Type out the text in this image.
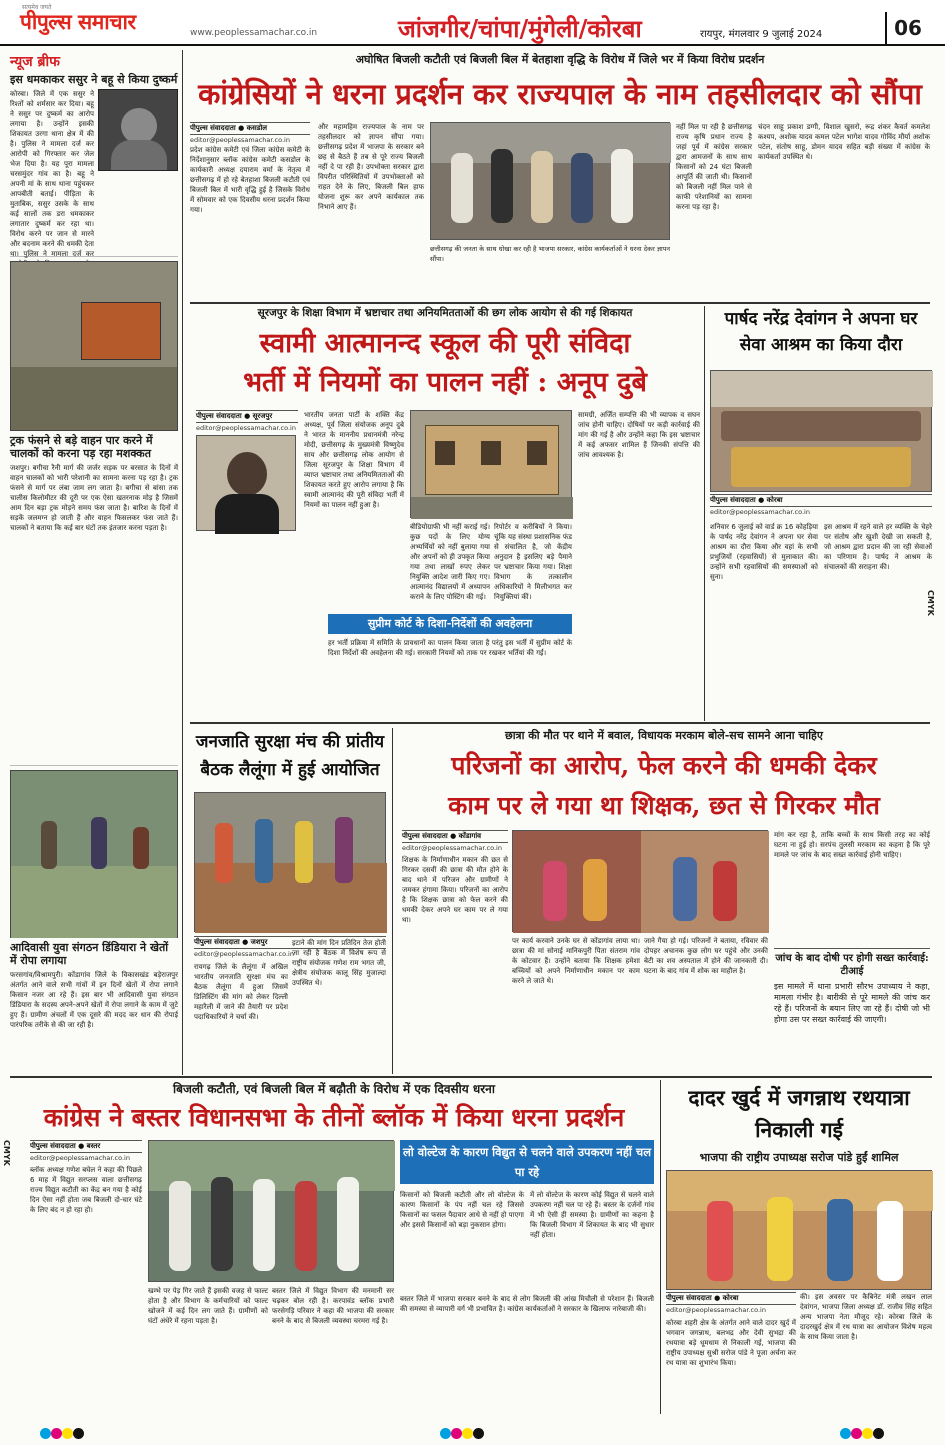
सत्यमेव जयते
पीपुल्स समाचार	www.peoplessamachar.co.in	जांजगीर/चांपा/मुंगेली/कोरबा	रायपुर, मंगलवार 9 जुलाई 2024	06
न्यूज ब्रीफ
इस धमकाकर ससुर ने बहू से किया दुष्कर्म
कोरबा। जिले में एक ससुर ने रिश्तों को शर्मसार कर दिया। बहू ने ससुर पर दुष्कर्म का आरोप लगाया है। उन्होंने इसकी शिकायत उरगा थाना क्षेत्र में की है। पुलिस ने मामला दर्ज कर आरोपी को गिरफ्तार कर जेल भेज दिया है। यह पूरा मामला चरसमुंदर गांव का है। बहू ने अपनी मां के साथ थाना पहुंचकर आपबीती बताई। पीड़िता के मुताबिक, ससुर उसके के साथ कई सालों तक डरा धमकाकर लगातार दुष्कर्म कर रहा था। विरोध करने पर जान से मारने और बदनाम करने की धमकी देता था। पुलिस ने मामला दर्ज कर
ट्रक फंसने से बड़े वाहन पार करने में चालकों को करना पड़ रहा मशक्कत
जशपुर। बगीचा रैनी मार्ग की जर्जर सड़क पर बरसात के दिनों में वाहन चालकों को भारी परेशानी का सामना करना पड़ रहा है। ट्रक फंसने से मार्ग पर लंबा जाम लग जाता है। बगीचा से बांसा तक चालीस किलोमीटर की दूरी पर एक ऐसा खतरनाक मोड़ है जिसमें आम दिन बड़ा ट्रक मोड़ने समय फंस जाता है। बारिश के दिनों में सड़कें जलमग्न हो जाती हैं और वाहन फिसलकर फंस जाते हैं। चालकों ने बताया कि कई बार घंटों तक इंतजार करना पड़ता है।
आदिवासी युवा संगठन डिंडियारा ने खेतों में रोपा लगाया
फरसगांव/विश्रामपुरी। कोंडागांव जिले के विकासखंड बड़ेराजपुर अंतर्गत आने वाले सभी गांवों में इन दिनों खेतों में रोपा लगाने किसान नजर आ रहे हैं। इस बार भी आदिवासी युवा संगठन डिंडियारा के सदस्य अपने-अपने खेतों में रोपा लगाने के काम में जुटे हुए हैं। ग्रामीण अंचलों में एक दूसरे की मदद कर धान की रोपाई पारंपरिक तरीके से की जा रही है।
अघोषित बिजली कटौती एवं बिजली बिल में बेतहाशा वृद्धि के विरोध में जिले भर में किया विरोध प्रदर्शन
कांग्रेसियों ने धरना प्रदर्शन कर राज्यपाल के नाम तहसीलदार को सौंपा
पीपुल्स संवाददाता ● कसडोल
editor@peoplessamachar.co.in
प्रदेश कांग्रेस कमेटी एवं जिला कांग्रेस कमेटी के निर्देशानुसार ब्लॉक कांग्रेस कमेटी कसडोल के कार्यकारी अध्यक्ष दयाराम वर्मा के नेतृत्व में छत्तीसगढ़ में हो रहे बेतहाशा बिजली कटौती एवं बिजली बिल में भारी वृद्धि हुई है जिसके विरोध में सोमवार को एक दिवसीय धरना प्रदर्शन किया गया।
और महामहिम राज्यपाल के नाम पर तहसीलदार को ज्ञापन सौंपा गया। छत्तीसगढ़ प्रदेश में भाजपा के सरकार बने छह से बैठते हैं तब से पूरे राज्य बिजली नहीं दे पा रही है। उपभोक्ता सरकार द्वारा विपरीत परिस्थितियों में उपभोक्ताओं को राहत देने के लिए, बिजली बिल हाफ योजना शुरू कर अपने कार्यकाल तक निभाने आए हैं।
छत्तीसगढ़ की जनता के साथ धोखा कर रही है भाजपा सरकार, कांग्रेस कार्यकर्ताओं ने धरना देकर ज्ञापन सौंपा।
नहीं मिल पा रही है छत्तीसगढ़ राज्य कृषि प्रधान राज्य है जहां पूर्व में कांग्रेस सरकार द्वारा आमजनों के साथ साथ किसानों को 24 घंटा बिजली आपूर्ति की जाती थी। किसानों को बिजली नहीं मिल पाने से काफी परेशानियों का सामना करना पड़ रहा है।
चंदन साहू प्रकाश डग्गी, विशाल खुसरो, रूद्र शंकर कैवर्त कमलेश कश्यप, अशोक यादव कमल पटेल भागेश यादव गोविंद मौर्या अशोक पटेल, संतोष साहू, डोमन यादव सहित बड़ी संख्या में कांग्रेस के कार्यकर्ता उपस्थित थे।
सूरजपुर के शिक्षा विभाग में भ्रष्टाचार तथा अनियमितताओं की छग लोक आयोग से की गई शिकायत
स्वामी आत्मानन्द स्कूल की पूरी संविदा
भर्ती में नियमों का पालन नहीं : अनूप दुबे
पीपुल्स संवाददाता ● सूरजपुर
editor@peoplessamachar.co.in
भारतीय जनता पार्टी के शक्ति केंद्र अध्यक्ष, पूर्व जिला संयोजक अनूप दुबे ने भारत के माननीय प्रधानमंत्री नरेन्द्र मोदी, छत्तीसगढ़ के मुख्यमंत्री विष्णुदेव साय और छत्तीसगढ़ लोक आयोग से जिला सूरजपुर के शिक्षा विभाग में व्याप्त भ्रष्टाचार तथा अनियमितताओं की शिकायत करते हुए आरोप लगाया है कि स्वामी आत्मानंद की पूरी संविदा भर्ती में नियमों का पालन नहीं हुआ है।
बीडियोग्राफी भी नहीं कराई गई। कुछ पदों के लिए योग्य अभ्यर्थियों को नहीं बुलाया गया और अपनों को ही उपकृत किया गया तथा लाखों रुपए लेकर नियुक्ति आदेश जारी किए गए। आत्मानंद विद्यालयों में अध्यापन कराने के लिए पोस्टिंग की गई।
रिपोर्टर व करीबियों ने किया। चूंकि यह संस्था प्रशासनिक फंड से संचालित है, जो केंद्रीय अनुदान है इसलिए बड़े पैमाने पर भ्रष्टाचार किया गया। शिक्षा विभाग के तत्कालीन अधिकारियों ने मिलीभगत कर नियुक्तियां कीं।
सुप्रीम कोर्ट के दिशा-निर्देशों की अवहेलना
हर भर्ती प्रक्रिया में समिति के प्रावधानों का पालन किया जाता है परंतु इस भर्ती में सुप्रीम कोर्ट के दिशा निर्देशों की अवहेलना की गई। सरकारी नियमों को ताक पर रखकर भर्तियां की गईं।
सामग्री, अर्जित सम्पत्ति की भी व्यापक व सघन जांच होनी चाहिए। दोषियों पर कड़ी कार्रवाई की मांग की गई है और उन्होंने कहा कि इस भ्रष्टाचार में कई अफसर शामिल हैं जिनकी संपत्ति की जांच आवश्यक है।
पार्षद नरेंद्र देवांगन ने अपना घर सेवा आश्रम का किया दौरा
पीपुल्स संवाददाता ● कोरबा
editor@peoplessamachar.co.in
शनिवार 6 जुलाई को वार्ड क्र 16 कोहड़िया के पार्षद नरेंद्र देवांगन ने अपना घर सेवा आश्रम का दौरा किया और वहां के सभी प्रभुजियों (रहवासियों) से मुलाकात की। उन्होंने सभी रहवासियों की समस्याओं को सुना।
इस आश्रम में रहने वाले हर व्यक्ति के चेहरे पर संतोष और खुशी देखी जा सकती है, जो आश्रम द्वारा प्रदान की जा रही सेवाओं का परिणाम है। पार्षद ने आश्रम के संचालकों की सराहना की।
जनजाति सुरक्षा मंच की प्रांतीय बैठक लैलूंगा में हुई आयोजित
पीपुल्स संवाददाता ● जशपुर
editor@peoplessamachar.co.in
रायगढ़ जिले के लैलूंगा में अखिल भारतीय जनजाति सुरक्षा मंच का बैठक लैलूंगा में हुआ जिसमें डिलिस्टिंग की मांग को लेकर दिल्ली महारैली में जाने की तैयारी पर प्रदेश पदाधिकारियों ने चर्चा की।
इटाने की मांग दिन प्रतिदिन तेज होती जा रही है बैठक में विशेष रूप से राष्ट्रीय संयोजक गणेश राम भगत जी, क्षेत्रीय संयोजक कालू सिंह मुजाल्दा उपस्थित थे।
छात्रा की मौत पर थाने में बवाल, विधायक मरकाम बोले-सच सामने आना चाहिए
परिजनों का आरोप, फेल करने की धमकी देकर
काम पर ले गया था शिक्षक, छत से गिरकर मौत
पीपुल्स संवाददाता ● कोंडागांव
editor@peoplessamachar.co.in
शिक्षक के निर्माणाधीन मकान की छत से गिरकर दसवीं की छात्रा की मौत होने के बाद थाने में परिजन और ग्रामीणों ने जमकर हंगामा किया। परिजनों का आरोप है कि शिक्षक छात्रा को फेल करने की धमकी देकर अपने घर काम पर ले गया था।
पर कार्य करवाने उनके घर से कोंडागांव लाया था। छात्रा की मां सोनाई मानिकपुरी पिता संतराम गांव के कोटवार हैं। उन्होंने बताया कि शिक्षक हमेशा बच्चियों को अपने निर्माणाधीन मकान पर काम करने ले जाते थे।
जाने गैया हो गई। परिजनों ने बताया, रविवार की दोपहर अचानक कुछ लोग घर पहुंचे और उनकी बेटी का शव अस्पताल में होने की जानकारी दी। घटना के बाद गांव में शोक का माहौल है।
मांग कर रहा है, ताकि बच्चों के साथ किसी तरह का कोई घटना ना हुई हो। सरपंच तुलसी मरकाम का कहना है कि पूरे मामले पर जांच के बाद सख्त कार्रवाई होनी चाहिए।
जांच के बाद दोषी पर होगी सख्त कार्रवाई: टीआई
इस मामले में थाना प्रभारी सौरभ उपाध्याय ने कहा, मामला गंभीर है। बारीकी से पूरे मामले की जांच कर रहे हैं। परिजनों के बयान लिए जा रहे हैं। दोषी जो भी होगा उस पर सख्त कार्रवाई की जाएगी।
बिजली कटौती, एवं बिजली बिल में बढ़ौती के विरोध में एक दिवसीय धरना
कांग्रेस ने बस्तर विधानसभा के तीनों ब्लॉक में किया धरना प्रदर्शन
पीपुल्स संवाददाता ● बस्तर
editor@peoplessamachar.co.in
ब्लॉक अध्यक्ष गणेश बघेल ने कहा की पिछले 6 माह में विद्युत सरप्लस वाला छत्तीसगढ़ राज्य विद्युत कटौती का केंद्र बन गया है कोई दिन ऐसा नहीं होता जब बिजली दो-चार घंटे के लिए बंद न हो रहा हो।
खम्भे पर पेड़ गिर जाते हैं इसकी वजह से फाल्ट होता है और विभाग के कर्मचारियों को फाल्ट खोजने में कई दिन लग जाते हैं। ग्रामीणों को घंटों अंधेरे में रहना पड़ता है।
बस्तर जिले में विद्युत विभाग की मनमानी सर चढ़कर बोल रही है। करपावंड ब्लॉक प्रभारी फरसेगड़ि परिवार ने कहा की भाजपा की सरकार बनने के बाद से बिजली व्यवस्था चरमरा गई है।
लो वोल्टेज के कारण विद्युत से चलने वाले उपकरण नहीं चल पा रहे
किसानों को बिजली कटौती और लो वोल्टेज के कारण किसानों के पंप नहीं चल रहे जिससे किसानों का फसल पैदावार आधे से नहीं हो पाएगा और इससे किसानों को बड़ा नुकसान होगा।
में लो वोल्टेज के कारण कोई विद्युत से चलने वाले उपकरण नहीं चल पा रहे हैं। बस्तर के दर्जनों गांव में भी ऐसी ही समस्या है। ग्रामीणों का कहना है कि बिजली विभाग में शिकायत के बाद भी सुधार नहीं होता।
बस्तर जिले में भाजपा सरकार बनने के बाद से लोग बिजली की आंख मिचौली से परेशान हैं। बिजली की समस्या से व्यापारी वर्ग भी प्रभावित है। कांग्रेस कार्यकर्ताओं ने सरकार के खिलाफ नारेबाजी की।
दादर खुर्द में जगन्नाथ रथयात्रा निकाली गई
भाजपा की राष्ट्रीय उपाध्यक्ष सरोज पांडे हुईं शामिल
पीपुल्स संवाददाता ● कोरबा
editor@peoplessamachar.co.in
कोरबा शहरी क्षेत्र के अंतर्गत आने वाले दादर खुर्द में भगवान जगन्नाथ, बलभद्र और देवी सुभद्रा की रथयात्रा बड़े धूमधाम से निकाली गई, भाजपा की राष्ट्रीय उपाध्यक्ष सुश्री सरोज पांडे ने पूजा अर्चना कर रथ यात्रा का शुभारंभ किया।
की। इस अवसर पर कैबिनेट मंत्री लखन लाल देवांगन, भाजपा जिला अध्यक्ष डॉ. राजीव सिंह सहित अन्य भाजपा नेता मौजूद रहे। कोरबा जिले के दादरखुर्द क्षेत्र में रथ यात्रा का आयोजन विशेष महत्व के साथ किया जाता है।
CMYK
CMYK
